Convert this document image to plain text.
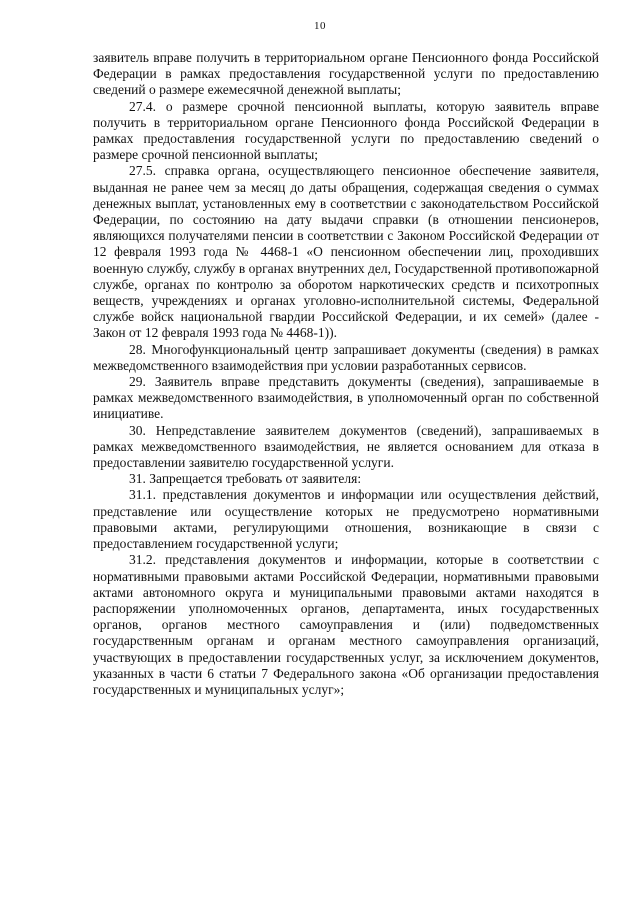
10

заявитель вправе получить в территориальном органе Пенсионного фонда Российской Федерации в рамках предоставления государственной услуги по предоставлению сведений о размере ежемесячной денежной выплаты;

27.4. о размере срочной пенсионной выплаты, которую заявитель вправе получить в территориальном органе Пенсионного фонда Российской Федерации в рамках предоставления государственной услуги по предоставлению сведений о размере срочной пенсионной выплаты;

27.5. справка органа, осуществляющего пенсионное обеспечение заявителя, выданная не ранее чем за месяц до даты обращения, содержащая сведения о суммах денежных выплат, установленных ему в соответствии с законодательством Российской Федерации, по состоянию на дату выдачи справки (в отношении пенсионеров, являющихся получателями пенсии в соответствии с Законом Российской Федерации от 12 февраля 1993 года № 4468-1 «О пенсионном обеспечении лиц, проходивших военную службу, службу в органах внутренних дел, Государственной противопожарной службе, органах по контролю за оборотом наркотических средств и психотропных веществ, учреждениях и органах уголовно-исполнительной системы, Федеральной службе войск национальной гвардии Российской Федерации, и их семей» (далее - Закон от 12 февраля 1993 года № 4468-1)).

28. Многофункциональный центр запрашивает документы (сведения) в рамках межведомственного взаимодействия при условии разработанных сервисов.

29. Заявитель вправе представить документы (сведения), запрашиваемые в рамках межведомственного взаимодействия, в уполномоченный орган по собственной инициативе.

30. Непредставление заявителем документов (сведений), запрашиваемых в рамках межведомственного взаимодействия, не является основанием для отказа в предоставлении заявителю государственной услуги.

31. Запрещается требовать от заявителя:

31.1. представления документов и информации или осуществления действий, представление или осуществление которых не предусмотрено нормативными правовыми актами, регулирующими отношения, возникающие в связи с предоставлением государственной услуги;

31.2. представления документов и информации, которые в соответствии с нормативными правовыми актами Российской Федерации, нормативными правовыми актами автономного округа и муниципальными правовыми актами находятся в распоряжении уполномоченных органов, департамента, иных государственных органов, органов местного самоуправления и (или) подведомственных государственным органам и органам местного самоуправления организаций, участвующих в предоставлении государственных услуг, за исключением документов, указанных в части 6 статьи 7 Федерального закона «Об организации предоставления государственных и муниципальных услуг»;
